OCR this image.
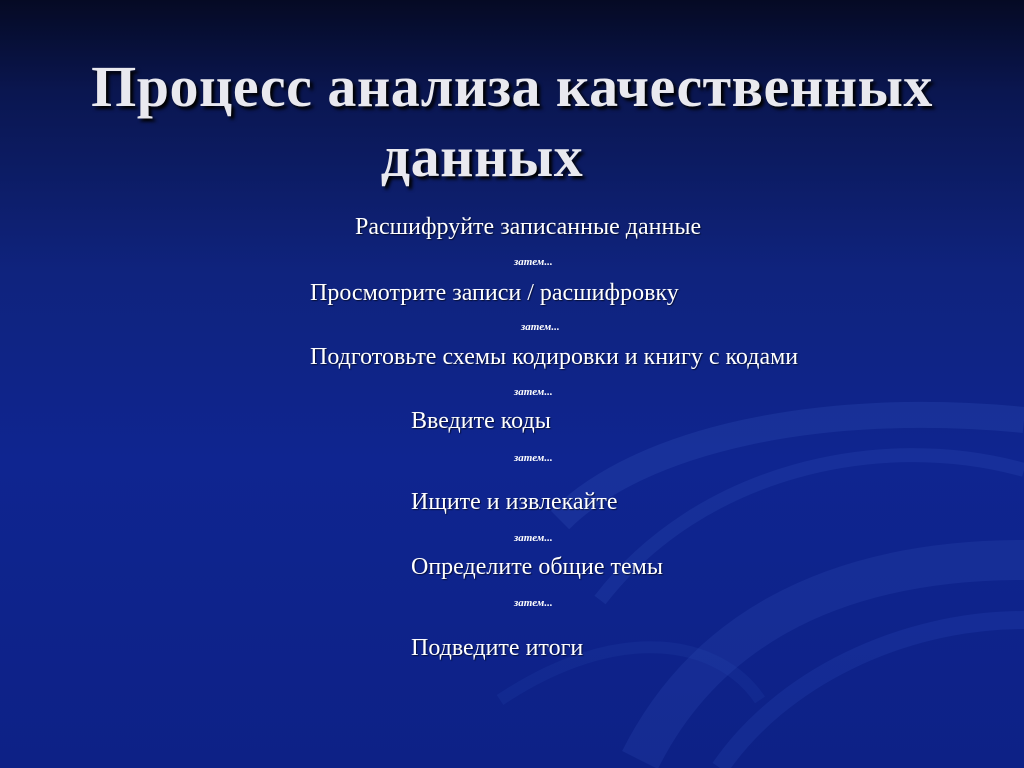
Процесс анализа качественных
данных
Расшифруйте записанные данные
затем...
Просмотрите записи / расшифровку
затем...
Подготовьте схемы кодировки и книгу с кодами
затем...
Введите коды
затем...
Ищите и извлекайте
затем...
Определите общие темы
затем...
Подведите итоги
